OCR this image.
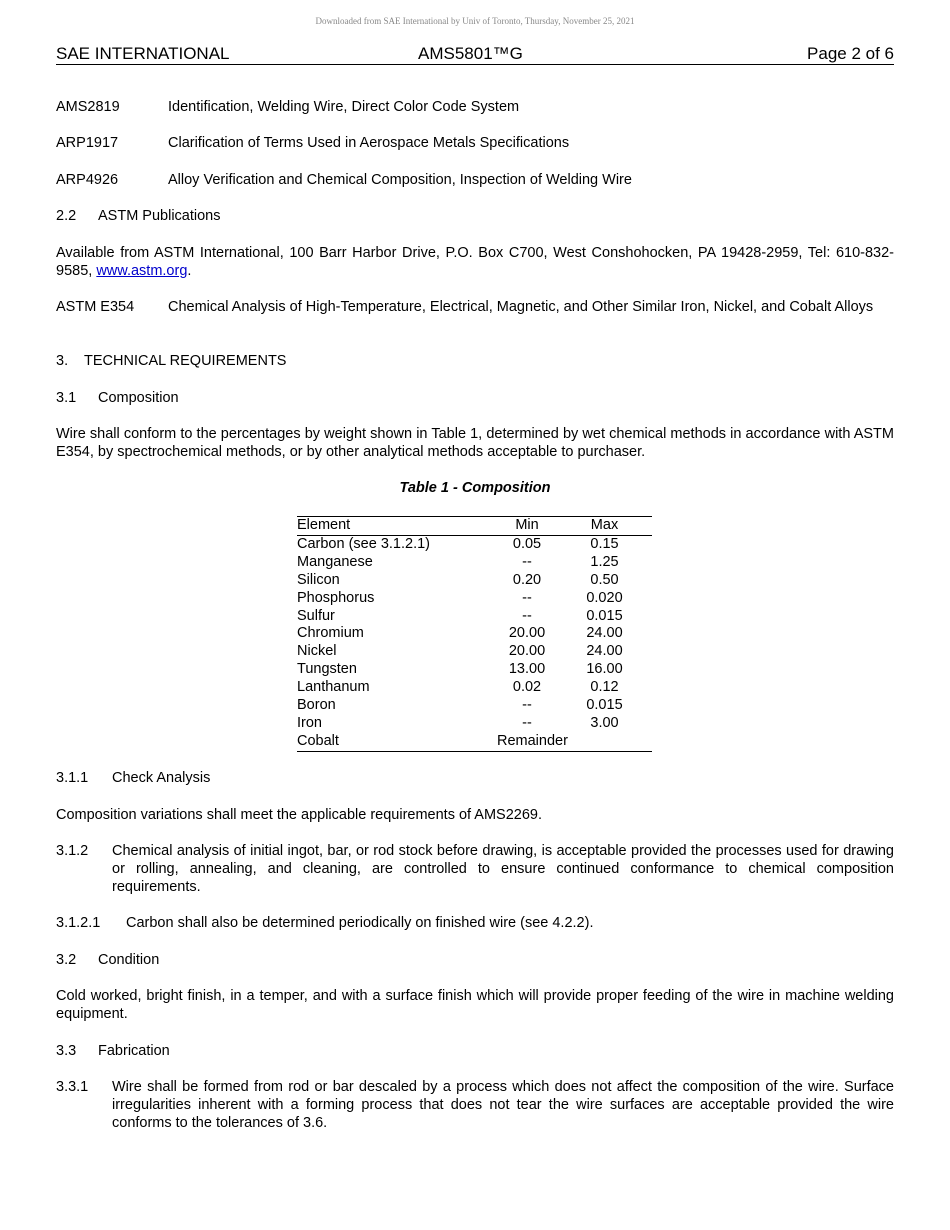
Downloaded from SAE International by Univ of Toronto, Thursday, November 25, 2021
SAE INTERNATIONAL	AMS5801™G	Page 2 of 6
AMS2819	Identification, Welding Wire, Direct Color Code System
ARP1917	Clarification of Terms Used in Aerospace Metals Specifications
ARP4926	Alloy Verification and Chemical Composition, Inspection of Welding Wire
2.2 ASTM Publications
Available from ASTM International, 100 Barr Harbor Drive, P.O. Box C700, West Conshohocken, PA 19428-2959, Tel: 610-832-9585, www.astm.org.
ASTM E354 Chemical Analysis of High-Temperature, Electrical, Magnetic, and Other Similar Iron, Nickel, and Cobalt Alloys
3. TECHNICAL REQUIREMENTS
3.1 Composition
Wire shall conform to the percentages by weight shown in Table 1, determined by wet chemical methods in accordance with ASTM E354, by spectrochemical methods, or by other analytical methods acceptable to purchaser.
Table 1 - Composition
Element	Min	Max
Carbon (see 3.1.2.1)	0.05	0.15
Manganese	--	1.25
Silicon	0.20	0.50
Phosphorus	--	0.020
Sulfur	--	0.015
Chromium	20.00	24.00
Nickel	20.00	24.00
Tungsten	13.00	16.00
Lanthanum	0.02	0.12
Boron	--	0.015
Iron	--	3.00
Cobalt	Remainder	
3.1.1 Check Analysis
Composition variations shall meet the applicable requirements of AMS2269.
3.1.2 Chemical analysis of initial ingot, bar, or rod stock before drawing, is acceptable provided the processes used for drawing or rolling, annealing, and cleaning, are controlled to ensure continued conformance to chemical composition requirements.
3.1.2.1 Carbon shall also be determined periodically on finished wire (see 4.2.2).
3.2 Condition
Cold worked, bright finish, in a temper, and with a surface finish which will provide proper feeding of the wire in machine welding equipment.
3.3 Fabrication
3.3.1 Wire shall be formed from rod or bar descaled by a process which does not affect the composition of the wire. Surface irregularities inherent with a forming process that does not tear the wire surfaces are acceptable provided the wire conforms to the tolerances of 3.6.
